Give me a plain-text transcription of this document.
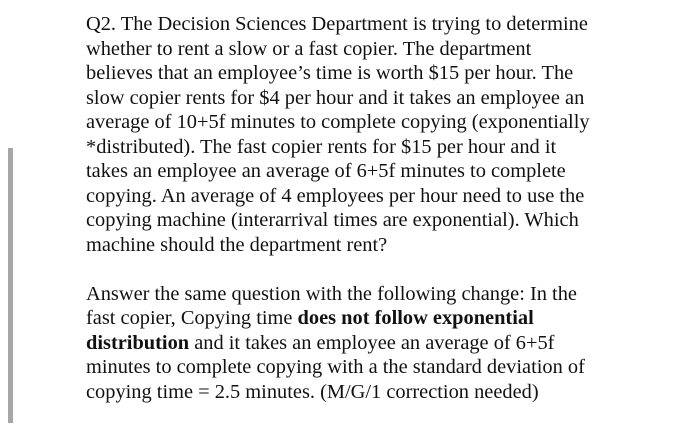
Q2. The Decision Sciences Department is trying to determine
whether to rent a slow or a fast copier. The department
believes that an employee’s time is worth $15 per hour. The
slow copier rents for $4 per hour and it takes an employee an
average of 10+5f minutes to complete copying (exponentially
*distributed). The fast copier rents for $15 per hour and it
takes an employee an average of 6+5f minutes to complete
copying. An average of 4 employees per hour need to use the
copying machine (interarrival times are exponential). Which
machine should the department rent?

Answer the same question with the following change: In the
fast copier, Copying time does not follow exponential
distribution and it takes an employee an average of 6+5f
minutes to complete copying with a the standard deviation of
copying time = 2.5 minutes. (M/G/1 correction needed)
